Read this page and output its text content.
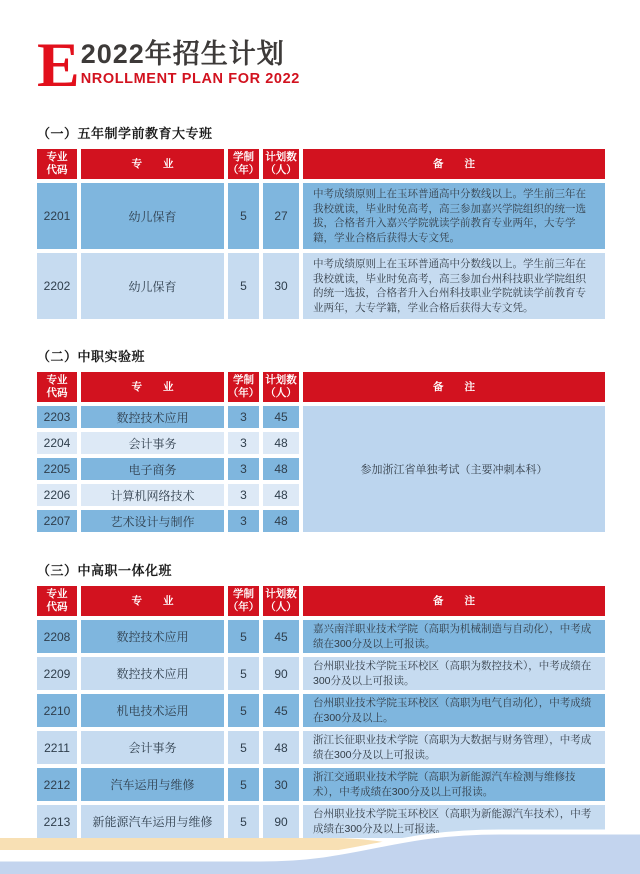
E 2022年招生计划
NROLLMENT PLAN FOR 2022
（一）五年制学前教育大专班
专业
代码
专　　业
学制
（年）
计划数
（人）
备　　注
2201	幼儿保育	5	27
中考成绩原则上在玉环普通高中分数线以上。学生前三年在我校就读，毕业时免高考，高三参加嘉兴学院组织的统一选拔，合格者升入嘉兴学院就读学前教育专业两年，大专学籍，学业合格后获得大专文凭。
2202	幼儿保育	5	30
中考成绩原则上在玉环普通高中分数线以上。学生前三年在我校就读，毕业时免高考，高三参加台州科技职业学院组织的统一选拔，合格者升入台州科技职业学院就读学前教育专业两年，大专学籍，学业合格后获得大专文凭。
（二）中职实验班
专业
代码
专　　业
学制
（年）
计划数
（人）
备　　注
参加浙江省单独考试（主要冲刺本科）
2203	数控技术应用	3	45
2204	会计事务	3	48
2205	电子商务	3	48
2206	计算机网络技术	3	48
2207	艺术设计与制作	3	48
（三）中高职一体化班
专业
代码
专　　业
学制
（年）
计划数
（人）
备　　注
2208	数控技术应用	5	45
嘉兴南洋职业技术学院（高职为机械制造与自动化），中考成绩在300分及以上可报读。
2209	数控技术应用	5	90
台州职业技术学院玉环校区（高职为数控技术），中考成绩在300分及以上可报读。
2210	机电技术运用	5	45
台州职业技术学院玉环校区（高职为电气自动化），中考成绩在300分及以上。
2211	会计事务	5	48
浙江长征职业技术学院（高职为大数据与财务管理），中考成绩在300分及以上可报读。
2212	汽车运用与维修	5	30
浙江交通职业技术学院（高职为新能源汽车检测与维修技术），中考成绩在300分及以上可报读。
2213	新能源汽车运用与维修	5	90
台州职业技术学院玉环校区（高职为新能源汽车技术），中考成绩在300分及以上可报读。
